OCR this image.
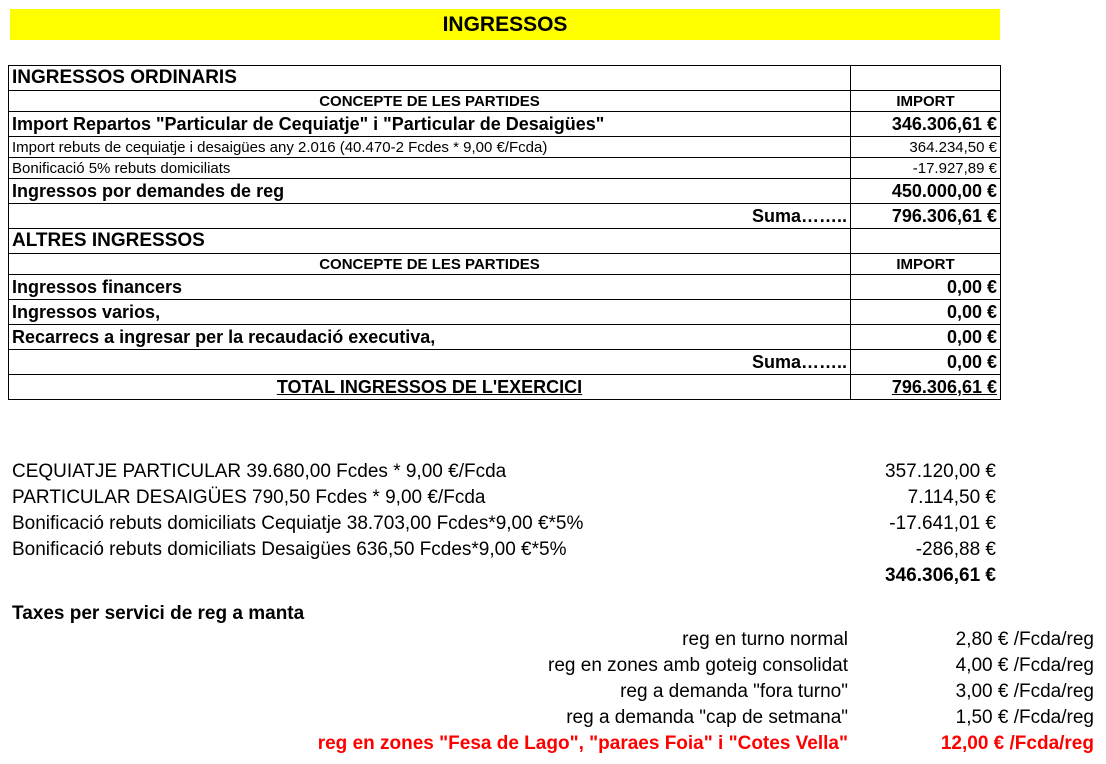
INGRESSOS
INGRESSOS ORDINARIS	
CONCEPTE DE LES PARTIDES	IMPORT
Import Repartos "Particular de Cequiatje" i "Particular de Desaigües"	346.306,61 €
Import rebuts de cequiatje i desaigües any 2.016 (40.470-2 Fcdes * 9,00 €/Fcda)	364.234,50 €
Bonificació 5% rebuts domiciliats	-17.927,89 €
Ingressos por demandes de reg	450.000,00 €
Suma……..	796.306,61 €
ALTRES INGRESSOS	
CONCEPTE DE LES PARTIDES	IMPORT
Ingressos financers	0,00 €
Ingressos varios,	0,00 €
Recarrecs a ingresar per la recaudació executiva,	0,00 €
Suma……..	0,00 €
TOTAL INGRESSOS DE L'EXERCICI	796.306,61 €
CEQUIATJE PARTICULAR 39.680,00 Fcdes * 9,00 €/Fcda	357.120,00 €
PARTICULAR DESAIGÜES 790,50 Fcdes * 9,00 €/Fcda	7.114,50 €
Bonificació rebuts domiciliats Cequiatje 38.703,00 Fcdes*9,00 €*5%	-17.641,01 €
Bonificació rebuts domiciliats Desaigües 636,50 Fcdes*9,00 €*5%	-286,88 €
346.306,61 €
Taxes per servici de reg a manta
reg en turno normal	2,80 € /Fcda/reg
reg en zones amb goteig consolidat	4,00 € /Fcda/reg
reg a demanda "fora turno"	3,00 € /Fcda/reg
reg a demanda "cap de setmana"	1,50 € /Fcda/reg
reg en zones "Fesa de Lago", "paraes Foia" i "Cotes Vella"	12,00 € /Fcda/reg
